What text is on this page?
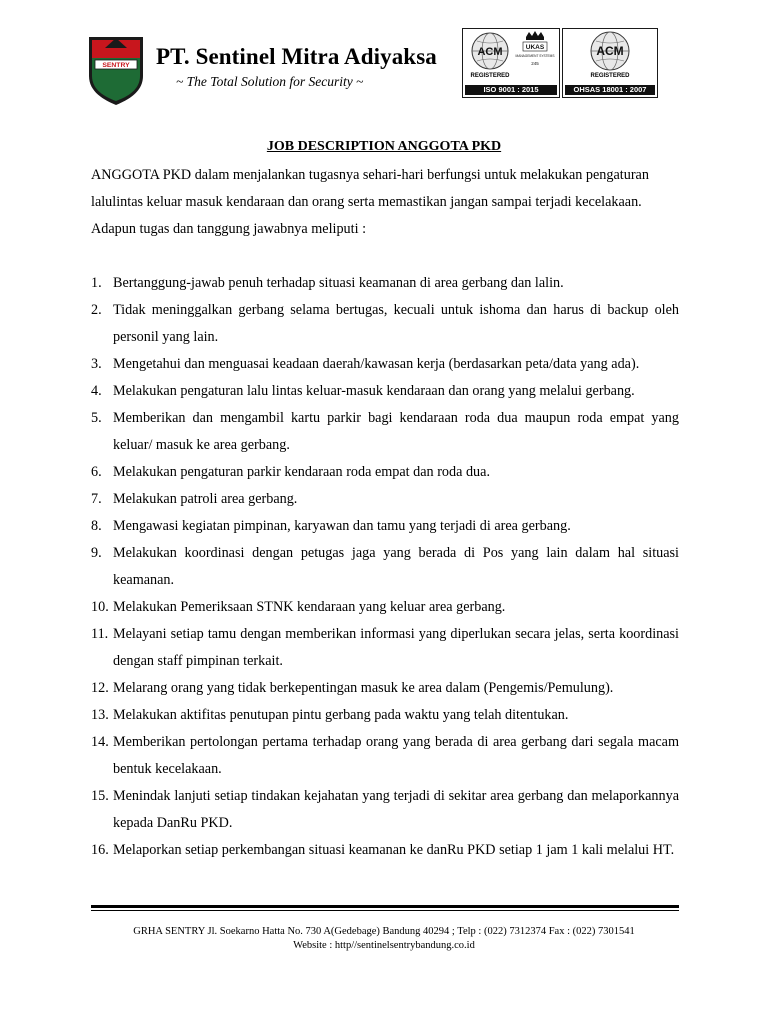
SENTRY PT. Sentinel Mitra Adiyaksa
~ The Total Solution for Security ~
ACM	UKAS
MANAGEMENT SYSTEMS
245
REGISTERED
ISO 9001 : 2015
ACM
REGISTERED
OHSAS 18001 : 2007
JOB DESCRIPTION ANGGOTA PKD

ANGGOTA PKD dalam menjalankan tugasnya sehari-hari berfungsi untuk melakukan pengaturan lalulintas keluar masuk kendaraan dan orang serta memastikan jangan sampai terjadi kecelakaan. Adapun tugas dan tanggung jawabnya meliputi :

1. Bertanggung-jawab penuh terhadap situasi keamanan di area gerbang dan lalin.
2. Tidak meninggalkan gerbang selama bertugas, kecuali untuk ishoma dan harus di backup oleh personil yang lain.
3. Mengetahui dan menguasai keadaan daerah/kawasan kerja (berdasarkan peta/data yang ada).
4. Melakukan pengaturan lalu lintas keluar-masuk kendaraan dan orang yang melalui gerbang.
5. Memberikan dan mengambil kartu parkir bagi kendaraan roda dua maupun roda empat yang keluar/ masuk ke area gerbang.
6. Melakukan pengaturan parkir kendaraan roda empat dan roda dua.
7. Melakukan patroli area gerbang.
8. Mengawasi kegiatan pimpinan, karyawan dan tamu yang terjadi di area gerbang.
9. Melakukan koordinasi dengan petugas jaga yang berada di Pos yang lain dalam hal situasi keamanan.
10. Melakukan Pemeriksaan STNK kendaraan yang keluar area gerbang.
11. Melayani setiap tamu dengan memberikan informasi yang diperlukan secara jelas, serta koordinasi dengan staff pimpinan terkait.
12. Melarang orang yang tidak berkepentingan masuk ke area dalam (Pengemis/Pemulung).
13. Melakukan aktifitas penutupan pintu gerbang pada waktu yang telah ditentukan.
14. Memberikan pertolongan pertama terhadap orang yang berada di area gerbang dari segala macam bentuk kecelakaan.
15. Menindak lanjuti setiap tindakan kejahatan yang terjadi di sekitar area gerbang dan melaporkannya kepada DanRu PKD.
16. Melaporkan setiap perkembangan situasi keamanan ke danRu PKD setiap 1 jam 1 kali melalui HT.
GRHA SENTRY Jl. Soekarno Hatta No. 730 A(Gedebage) Bandung 40294 ; Telp : (022) 7312374 Fax : (022) 7301541
Website : http//sentinelsentrybandung.co.id
